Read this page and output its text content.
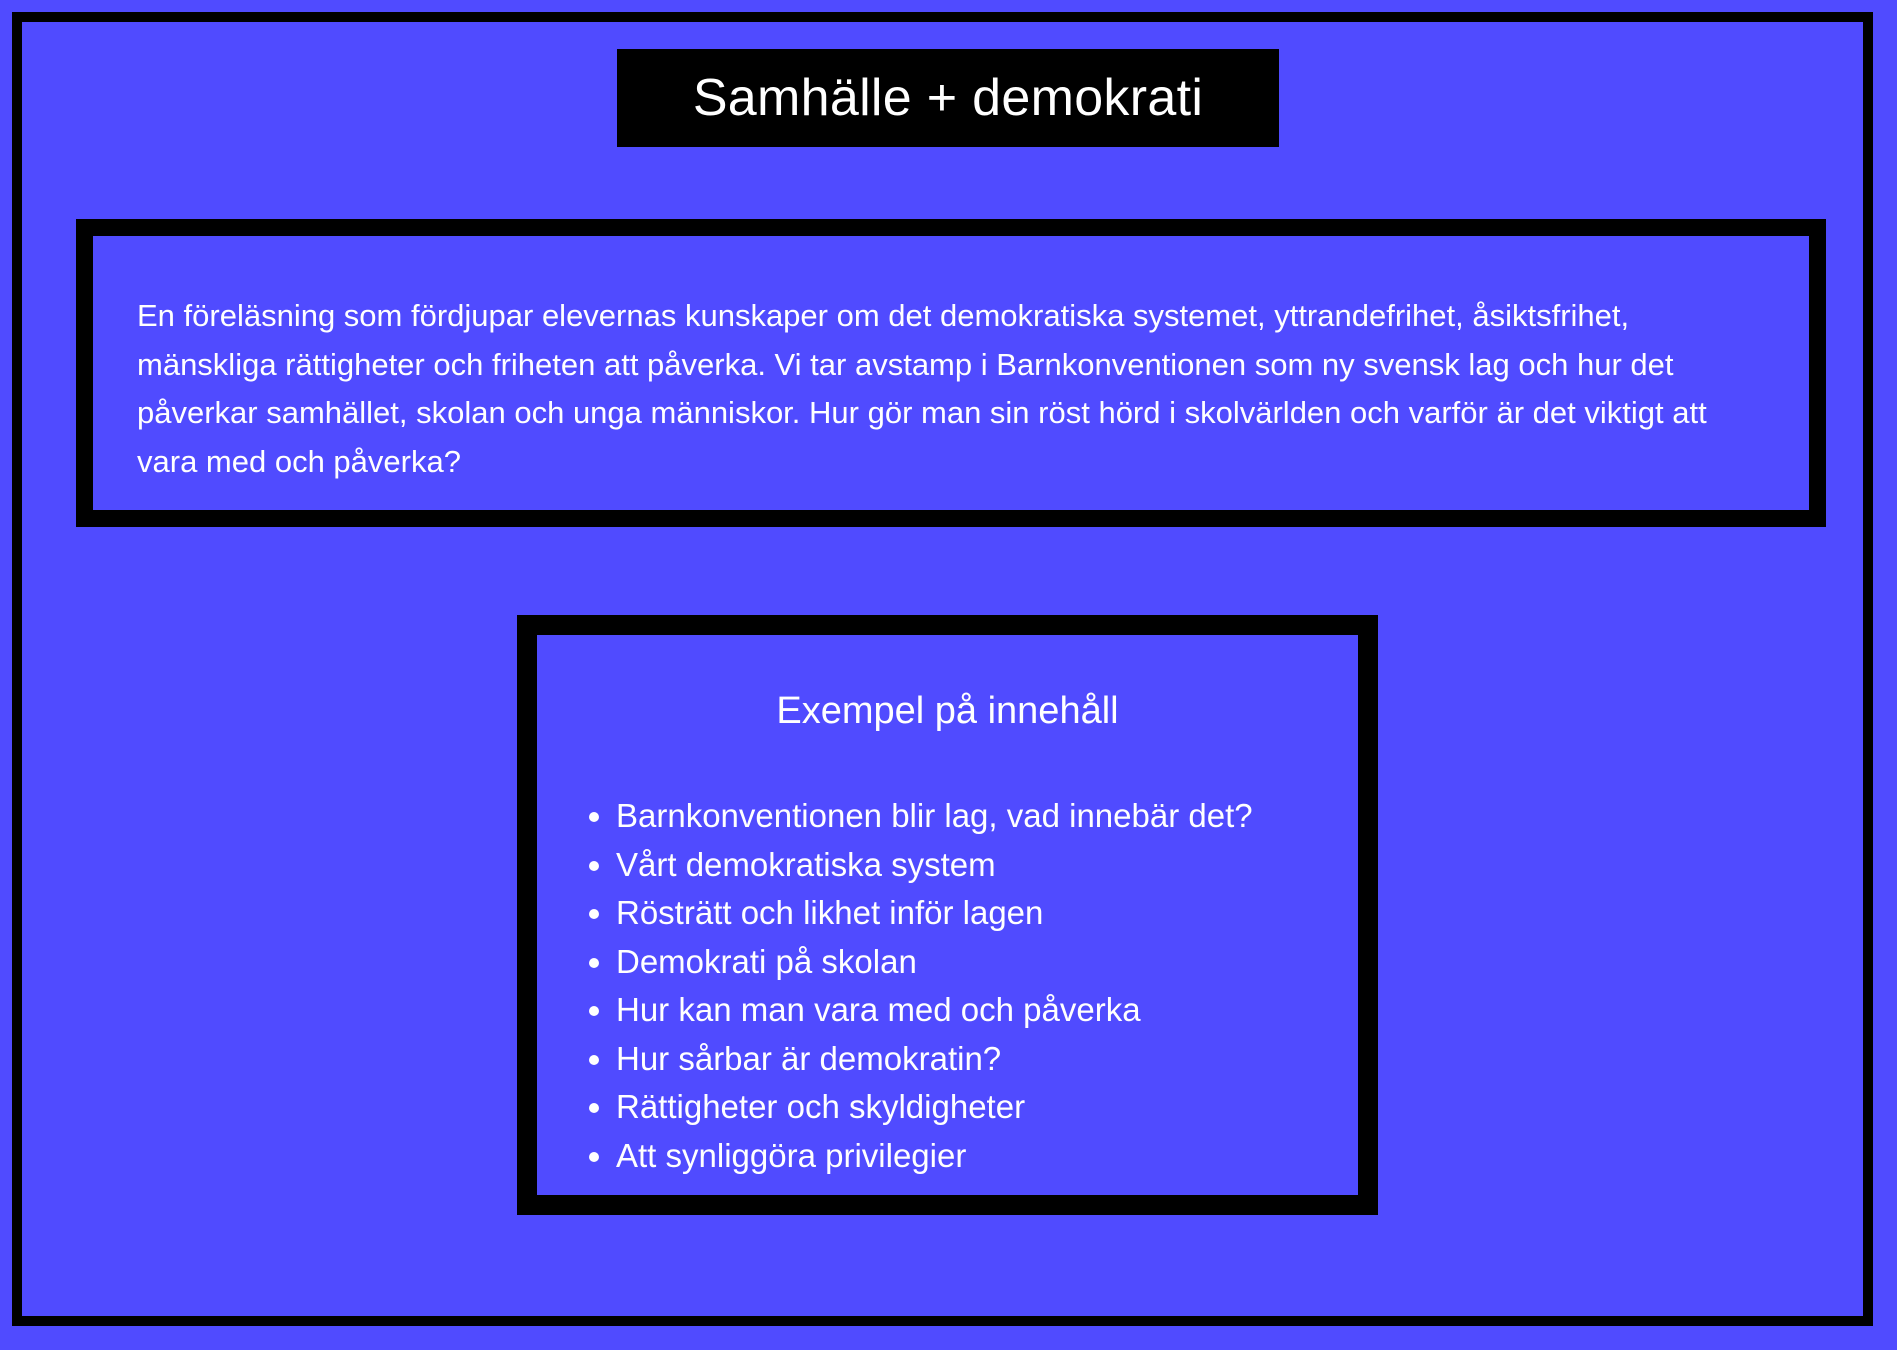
Samhälle + demokrati

En föreläsning som fördjupar elevernas kunskaper om det demokratiska systemet, yttrandefrihet, åsiktsfrihet, mänskliga rättigheter och friheten att påverka. Vi tar avstamp i Barnkonventionen som ny svensk lag och hur det påverkar samhället, skolan och unga människor. Hur gör man sin röst hörd i skolvärlden och varför är det viktigt att vara med och påverka?

Exempel på innehåll
• Barnkonventionen blir lag, vad innebär det?
• Vårt demokratiska system
• Rösträtt och likhet inför lagen
• Demokrati på skolan
• Hur kan man vara med och påverka
• Hur sårbar är demokratin?
• Rättigheter och skyldigheter
• Att synliggöra privilegier
